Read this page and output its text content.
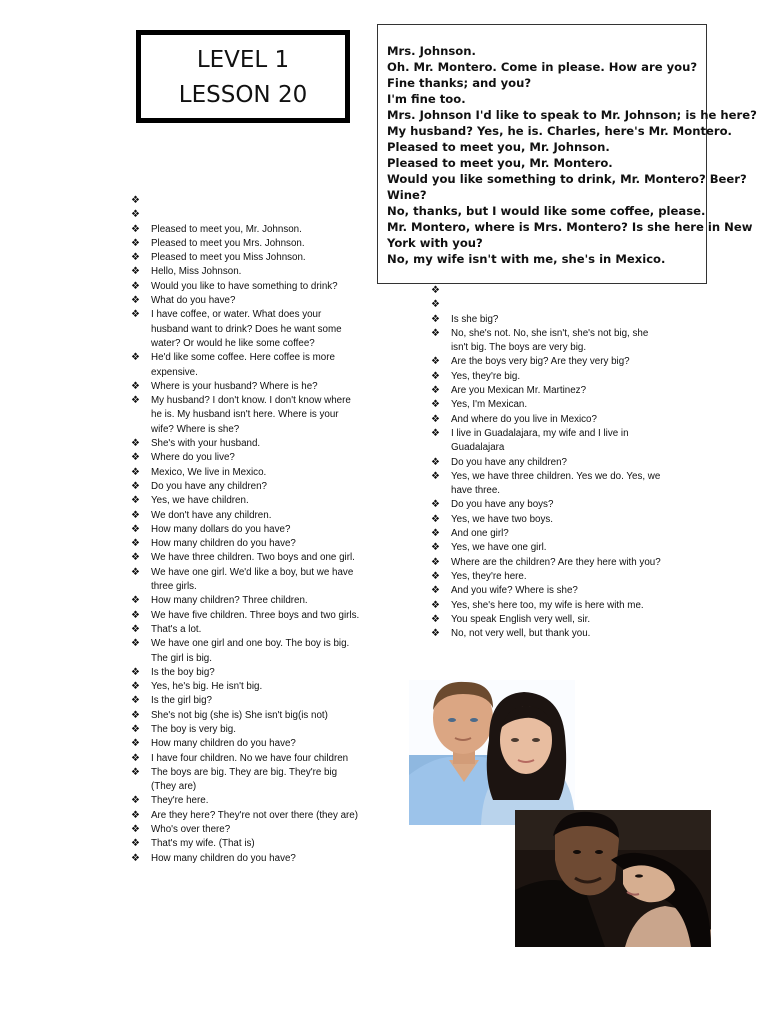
LEVEL 1
LESSON 20
Mrs. Johnson.
Oh. Mr. Montero. Come in please. How are you?
Fine thanks; and you?
I'm fine too.
Mrs. Johnson I'd like to speak to Mr. Johnson; is he here?
My husband? Yes, he is. Charles, here's Mr. Montero.
Pleased to meet you, Mr. Johnson.
Pleased to meet you, Mr. Montero.
Would you like something to drink, Mr. Montero? Beer?
Wine?
No, thanks, but I would like some coffee, please.
Mr. Montero, where is Mrs. Montero? Is she here in New
York with you?
No, my wife isn't with me, she's in Mexico.
❖

❖

❖ Pleased to meet you, Mr. Johnson.
❖ Pleased to meet you Mrs. Johnson.
❖ Pleased to meet you Miss Johnson.
❖ Hello, Miss Johnson.
❖ Would you like to have something to drink?
❖ What do you have?
❖ I have coffee, or water. What does your husband want to drink? Does he want some water? Or would he like some coffee?
❖ He'd like some coffee. Here coffee is more expensive.
❖ Where is your husband? Where is he?
❖ My husband? I don't know. I don't know where he is. My husband isn't here. Where is your wife? Where is she?
❖ She's with your husband.
❖ Where do you live?
❖ Mexico, We live in Mexico.
❖ Do you have any children?
❖ Yes, we have children.
❖ We don't have any children.
❖ How many dollars do you have?
❖ How many children do you have?
❖ We have three children. Two boys and one girl.
❖ We have one girl. We'd like a boy, but we have three girls.
❖ How many children? Three children.
❖ We have five children. Three boys and two girls.
❖ That's a lot.
❖ We have one girl and one boy. The boy is big. The girl is big.
❖ Is the boy big?
❖ Yes, he's big. He isn't big.
❖ Is the girl big?
❖ She's not big (she is) She isn't big(is not)
❖ The boy is very big.
❖ How many children do you have?
❖ I have four children. No we have four children
❖ The boys are big. They are big. They're big (They are)
❖ They're here.
❖ Are they here? They're not over there (they are)
❖ Who's over there?
❖ That's my wife. (That is)
❖ How many children do you have?
❖

❖

❖ Is she big?
❖ No, she's not. No, she isn't, she's not big, she isn't big. The boys are very big.
❖ Are the boys very big? Are they very big?
❖ Yes, they're big.
❖ Are you Mexican Mr. Martinez?
❖ Yes, I'm Mexican.
❖ And where do you live in Mexico?
❖ I live in Guadalajara, my wife and I live in Guadalajara
❖ Do you have any children?
❖ Yes, we have three children. Yes we do. Yes, we have three.
❖ Do you have any boys?
❖ Yes, we have two boys.
❖ And one girl?
❖ Yes, we have one girl.
❖ Where are the children? Are they here with you?
❖ Yes, they're here.
❖ And you wife? Where is she?
❖ Yes, she's here too, my wife is here with me.
❖ You speak English very well, sir.
❖ No, not very well, but thank you.
